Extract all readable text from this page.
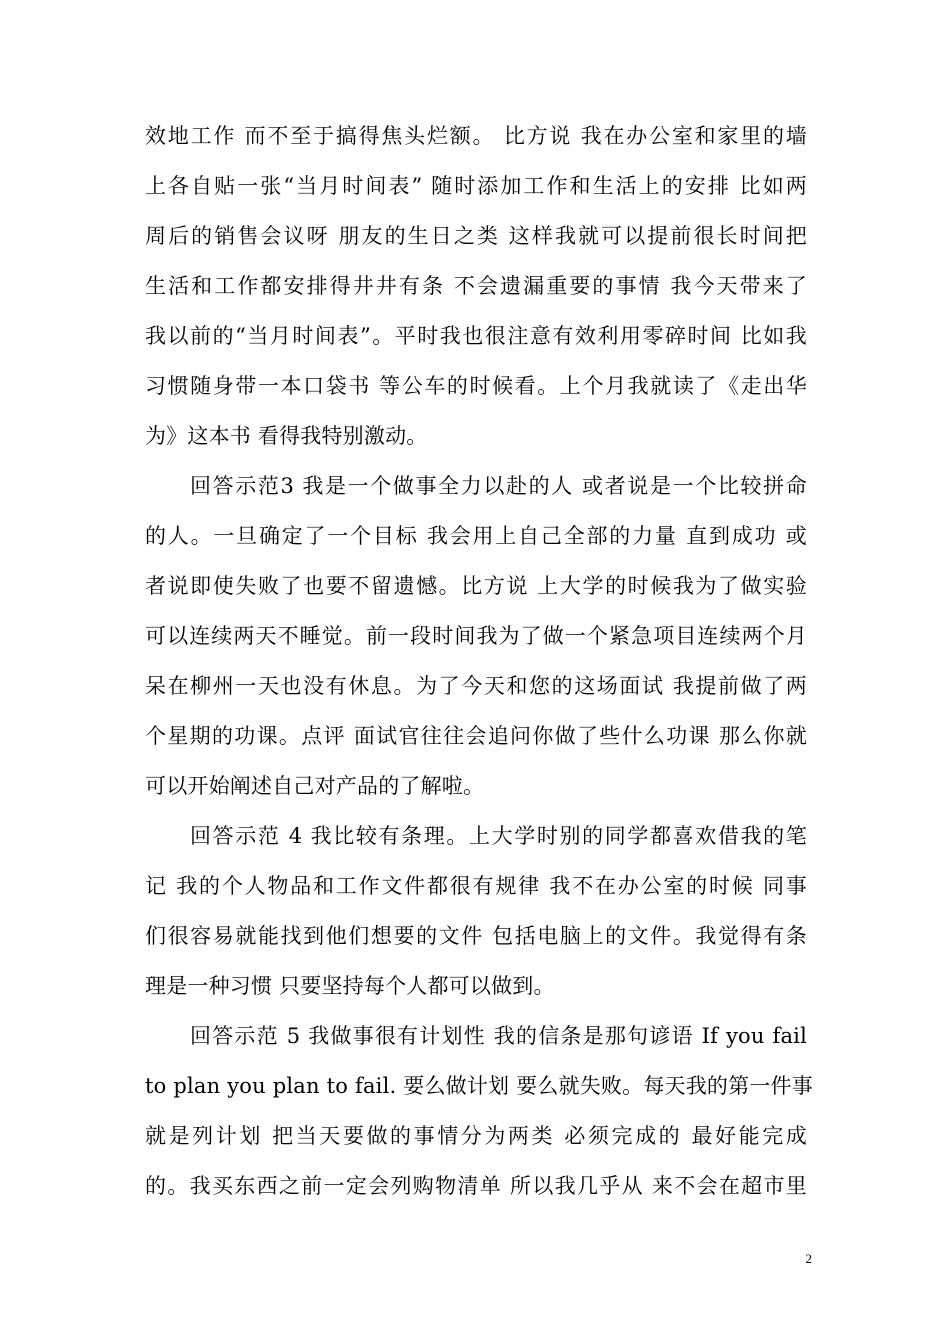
效地工作 而不至于搞得焦头烂额。 比方说 我在办公室和家里的墙
上各自贴一张“当月时间表” 随时添加工作和生活上的安排 比如两
周后的销售会议呀 朋友的生日之类 这样我就可以提前很长时间把
生活和工作都安排得井井有条 不会遗漏重要的事情 我今天带来了
我以前的“当月时间表”。平时我也很注意有效利用零碎时间 比如我
习惯随身带一本口袋书 等公车的时候看。上个月我就读了《走出华
为》这本书 看得我特别激动。
回答示范3 我是一个做事全力以赴的人 或者说是一个比较拼命
的人。一旦确定了一个目标 我会用上自己全部的力量 直到成功 或
者说即使失败了也要不留遗憾。比方说 上大学的时候我为了做实验
可以连续两天不睡觉。前一段时间我为了做一个紧急项目连续两个月
呆在柳州一天也没有休息。为了今天和您的这场面试 我提前做了两
个星期的功课。点评 面试官往往会追问你做了些什么功课 那么你就
可以开始阐述自己对产品的了解啦。
回答示范 4 我比较有条理。上大学时别的同学都喜欢借我的笔
记 我的个人物品和工作文件都很有规律 我不在办公室的时候 同事
们很容易就能找到他们想要的文件 包括电脑上的文件。我觉得有条
理是一种习惯 只要坚持每个人都可以做到。
回答示范 5 我做事很有计划性 我的信条是那句谚语 If you fail
to plan you plan to fail. 要么做计划 要么就失败。每天我的第一件事
就是列计划 把当天要做的事情分为两类 必须完成的 最好能完成
的。我买东西之前一定会列购物清单 所以我几乎从 来不会在超市里
2
